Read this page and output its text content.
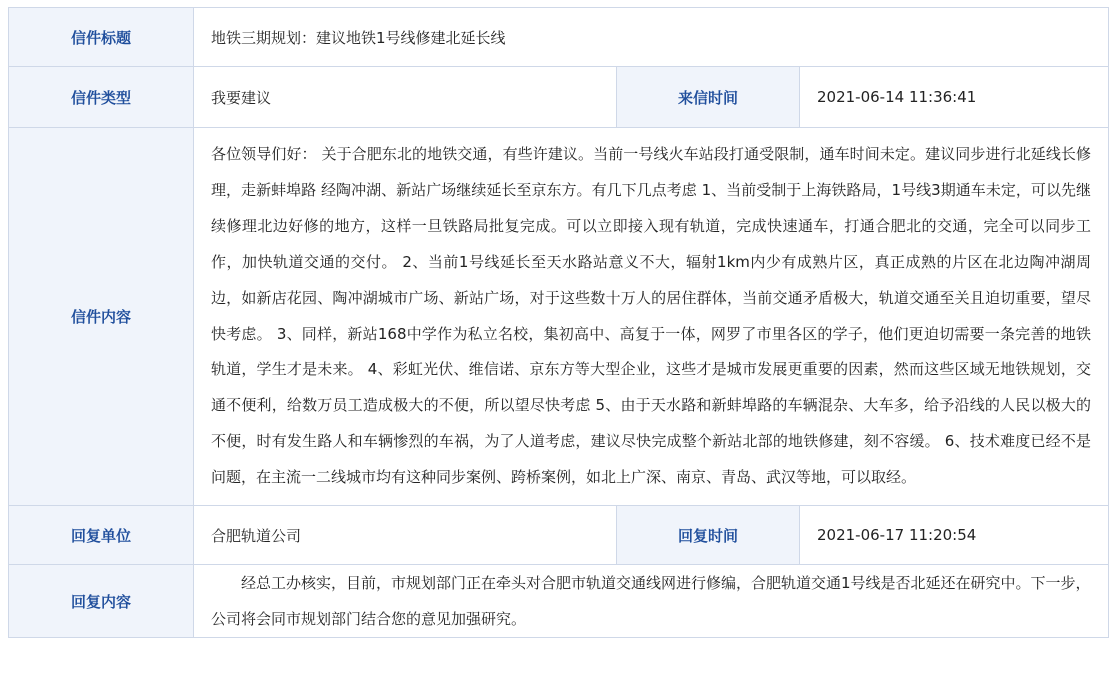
信件标题	地铁三期规划：建议地铁1号线修建北延长线		
信件类型	我要建议	来信时间	2021-06-14 11:36:41
信件内容	各位领导们好： 关于合肥东北的地铁交通，有些许建议。当前一号线火车站段打通受限制，通车时间未定。建议同步进行北延线长修理，走新蚌埠路 经陶冲湖、新站广场继续延长至京东方。有几下几点考虑 1、当前受制于上海铁路局，1号线3期通车未定，可以先继续修理北边好修的地方，这样一旦铁路局批复完成。可以立即接入现有轨道，完成快速通车，打通合肥北的交通，完全可以同步工作，加快轨道交通的交付。 2、当前1号线延长至天水路站意义不大，辐射1km内少有成熟片区，真正成熟的片区在北边陶冲湖周边，如新店花园、陶冲湖城市广场、新站广场，对于这些数十万人的居住群体，当前交通矛盾极大，轨道交通至关且迫切重要，望尽快考虑。 3、同样，新站168中学作为私立名校，集初高中、高复于一体，网罗了市里各区的学子，他们更迫切需要一条完善的地铁轨道，学生才是未来。 4、彩虹光伏、维信诺、京东方等大型企业，这些才是城市发展更重要的因素，然而这些区域无地铁规划，交通不便利，给数万员工造成极大的不便，所以望尽快考虑 5、由于天水路和新蚌埠路的车辆混杂、大车多，给予沿线的人民以极大的不便，时有发生路人和车辆惨烈的车祸，为了人道考虑，建议尽快完成整个新站北部的地铁修建，刻不容缓。 6、技术难度已经不是问题，在主流一二线城市均有这种同步案例、跨桥案例，如北上广深、南京、青岛、武汉等地，可以取经。		
回复单位	合肥轨道公司	回复时间	2021-06-17 11:20:54
回复内容	经总工办核实，目前，市规划部门正在牵头对合肥市轨道交通线网进行修编，合肥轨道交通1号线是否北延还在研究中。下一步，公司将会同市规划部门结合您的意见加强研究。		
